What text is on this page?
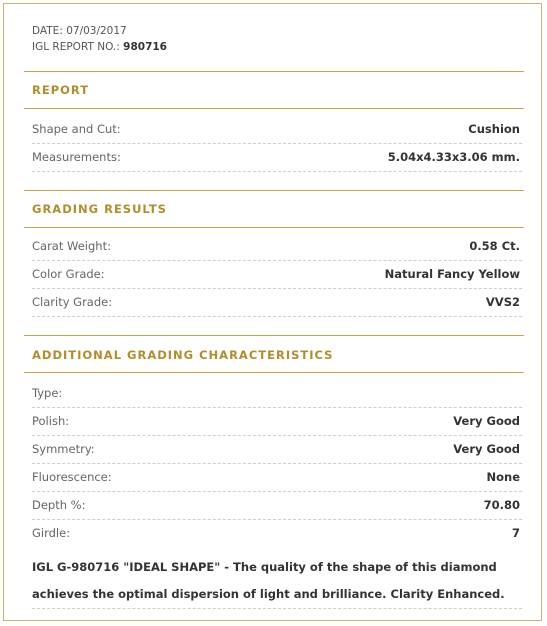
DATE: 07/03/2017
IGL REPORT NO.: 980716
REPORT
Shape and Cut:	Cushion
Measurements:	5.04x4.33x3.06 mm.
GRADING RESULTS
Carat Weight:	0.58 Ct.
Color Grade:	Natural Fancy Yellow
Clarity Grade:	VVS2
ADDITIONAL GRADING CHARACTERISTICS
Type:
Polish:	Very Good
Symmetry:	Very Good
Fluorescence:	None
Depth %:	70.80
Girdle:	7
IGL G-980716 "IDEAL SHAPE" - The quality of the shape of this diamond achieves the optimal dispersion of light and brilliance. Clarity Enhanced.
